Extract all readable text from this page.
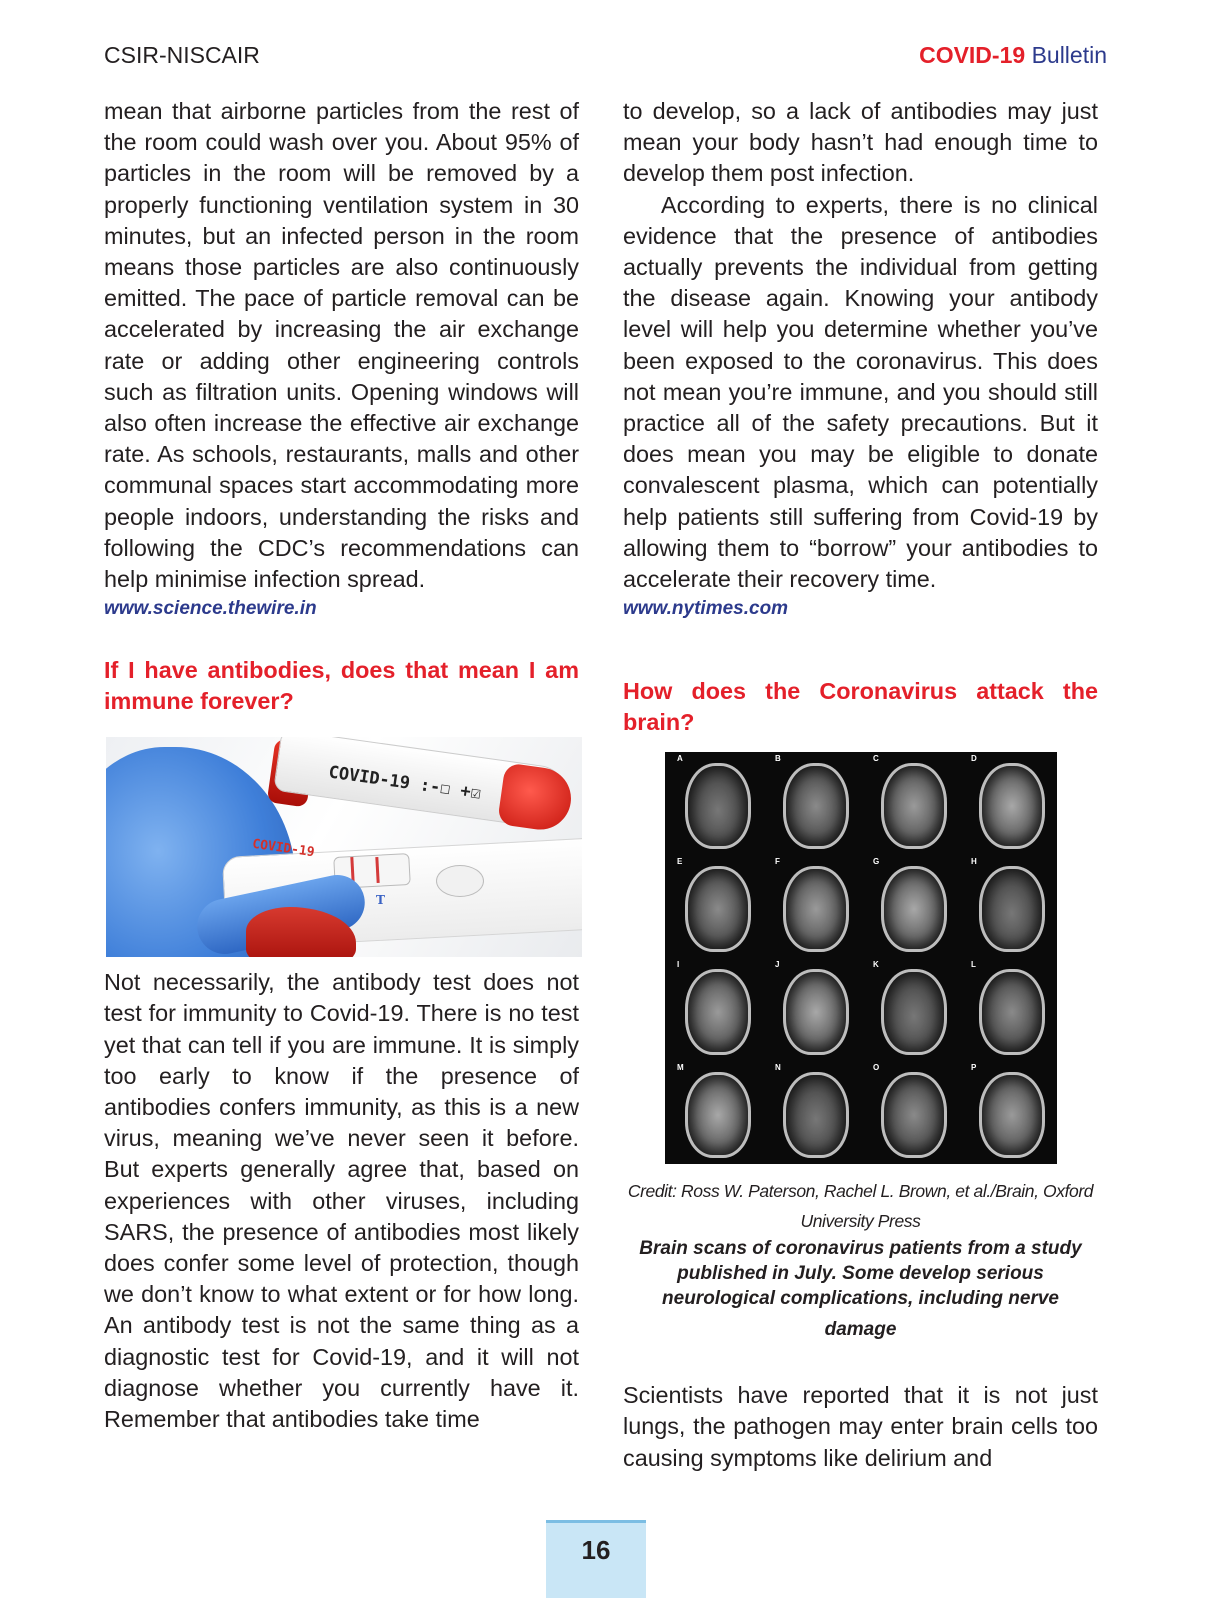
CSIR-NISCAIR	COVID-19 Bulletin

mean that airborne particles from the rest of the room could wash over you. About 95% of particles in the room will be removed by a properly functioning ventilation system in 30 minutes, but an infected person in the room means those particles are also continuously emitted. The pace of particle removal can be accelerated by increasing the air exchange rate or adding other engineering controls such as filtration units. Opening windows will also often increase the effective air exchange rate. As schools, restaurants, malls and other communal spaces start accommodating more people indoors, understanding the risks and following the CDC’s recommendations can help minimise infection spread.

www.science.thewire.in

If I have antibodies, does that mean I am immune forever?
COVID-19 :-☐ +☑
COVID-19
T

Not necessarily, the antibody test does not test for immunity to Covid-19. There is no test yet that can tell if you are immune. It is simply too early to know if the presence of antibodies confers immunity, as this is a new virus, meaning we’ve never seen it before. But experts generally agree that, based on experiences with other viruses, including SARS, the presence of antibodies most likely does confer some level of protection, though we don’t know to what extent or for how long. An antibody test is not the same thing as a diagnostic test for Covid-19, and it will not diagnose whether you currently have it. Remember that antibodies take time

to develop, so a lack of antibodies may just mean your body hasn’t had enough time to develop them post infection.

According to experts, there is no clinical evidence that the presence of antibodies actually prevents the individual from getting the disease again. Knowing your antibody level will help you determine whether you’ve been exposed to the coronavirus. This does not mean you’re immune, and you should still practice all of the safety precautions. But it does mean you may be eligible to donate convalescent plasma, which can potentially help patients still suffering from Covid-19 by allowing them to “borrow” your antibodies to accelerate their recovery time.

www.nytimes.com

How does the Coronavirus attack the brain?
A	B	C	D
E	F	G	H
I	J	K	L
M	N	O	P

Credit: Ross W. Paterson, Rachel L. Brown, et al./Brain, Oxford University Press

Brain scans of coronavirus patients from a study published in July. Some develop serious neurological complications, including nerve

damage

Scientists have reported that it is not just lungs, the pathogen may enter brain cells too causing symptoms like delirium and

16
